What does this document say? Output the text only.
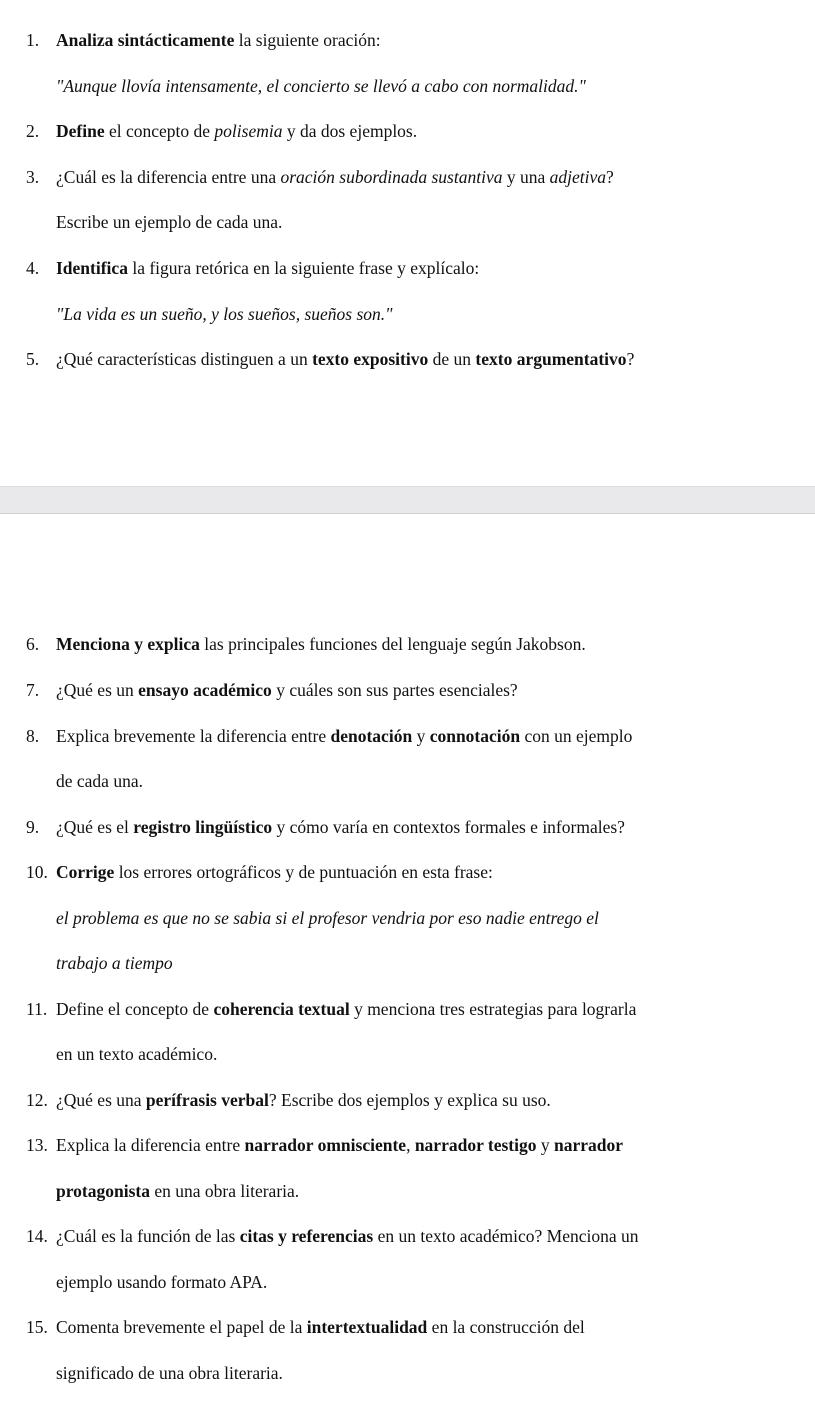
1. Analiza sintácticamente la siguiente oración:
"Aunque llovía intensamente, el concierto se llevó a cabo con normalidad."
2. Define el concepto de polisemia y da dos ejemplos.
3. ¿Cuál es la diferencia entre una oración subordinada sustantiva y una adjetiva?
Escribe un ejemplo de cada una.
4. Identifica la figura retórica en la siguiente frase y explícalo:
"La vida es un sueño, y los sueños, sueños son."
5. ¿Qué características distinguen a un texto expositivo de un texto argumentativo?
6. Menciona y explica las principales funciones del lenguaje según Jakobson.
7. ¿Qué es un ensayo académico y cuáles son sus partes esenciales?
8. Explica brevemente la diferencia entre denotación y connotación con un ejemplo
de cada una.
9. ¿Qué es el registro lingüístico y cómo varía en contextos formales e informales?
10. Corrige los errores ortográficos y de puntuación en esta frase:
el problema es que no se sabia si el profesor vendria por eso nadie entrego el
trabajo a tiempo
11. Define el concepto de coherencia textual y menciona tres estrategias para lograrla
en un texto académico.
12. ¿Qué es una perífrasis verbal? Escribe dos ejemplos y explica su uso.
13. Explica la diferencia entre narrador omnisciente, narrador testigo y narrador
protagonista en una obra literaria.
14. ¿Cuál es la función de las citas y referencias en un texto académico? Menciona un
ejemplo usando formato APA.
15. Comenta brevemente el papel de la intertextualidad en la construcción del
significado de una obra literaria.
